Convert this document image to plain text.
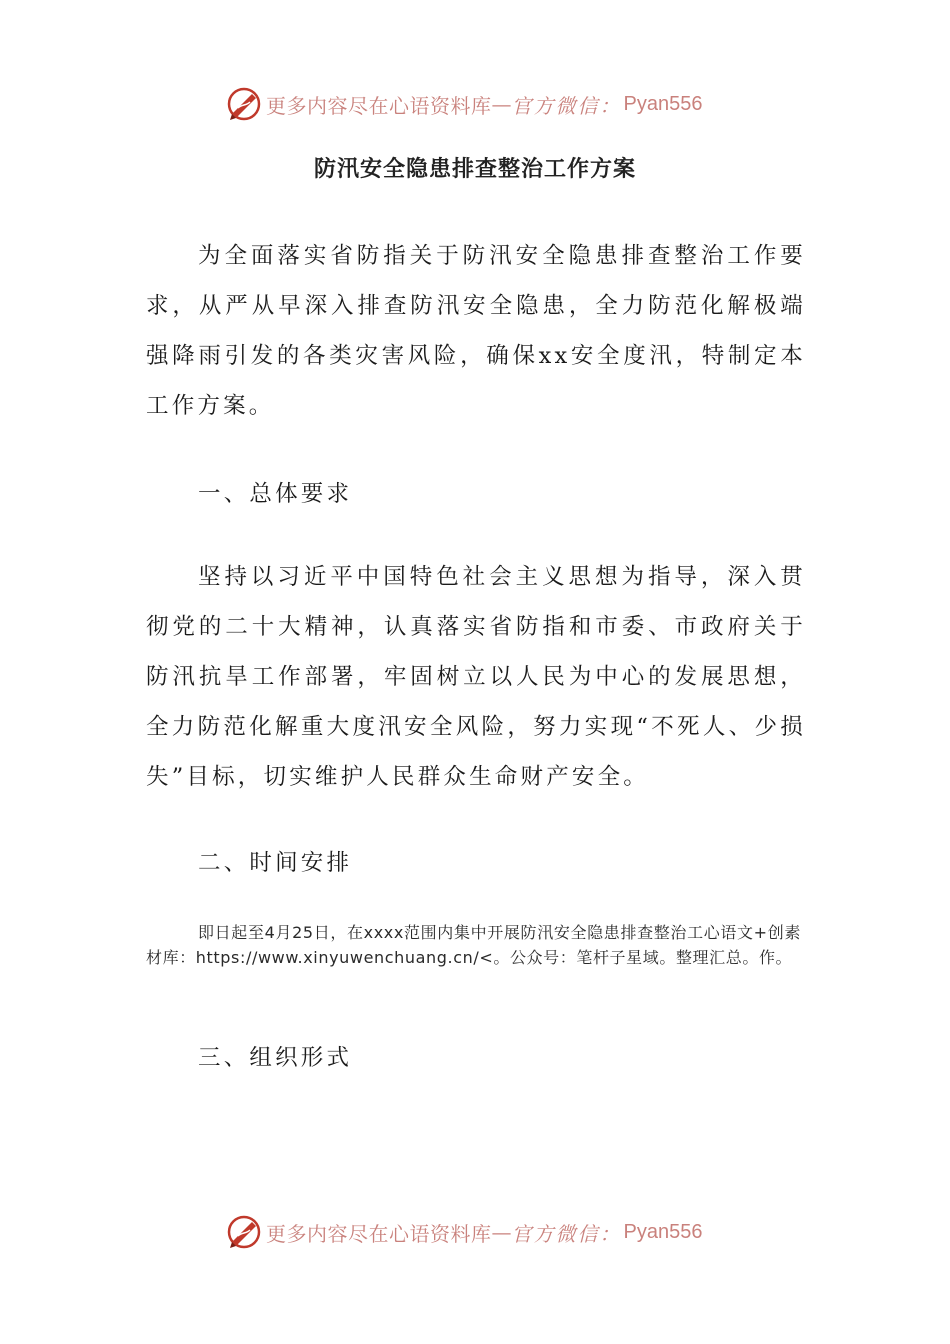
更多内容尽在心语资料库 — 官方微信： Pyan556
防汛安全隐患排查整治工作方案

为全面落实省防指关于防汛安全隐患排查整治工作要求，从严从早深入排查防汛安全隐患，全力防范化解极端强降雨引发的各类灾害风险，确保xx安全度汛，特制定本工作方案。

一、总体要求

坚持以习近平中国特色社会主义思想为指导，深入贯彻党的二十大精神，认真落实省防指和市委、市政府关于防汛抗旱工作部署，牢固树立以人民为中心的发展思想，全力防范化解重大度汛安全风险，努力实现“不死人、少损失”目标，切实维护人民群众生命财产安全。

二、时间安排

即日起至4月25日，在xxxx范围内集中开展防汛安全隐患排查整治工心语文+创素材库：https://www.xinyuwenchuang.cn/<。公众号：笔杆子星域。整理汇总。作。

三、组织形式

更多内容尽在心语资料库 — 官方微信： Pyan556
